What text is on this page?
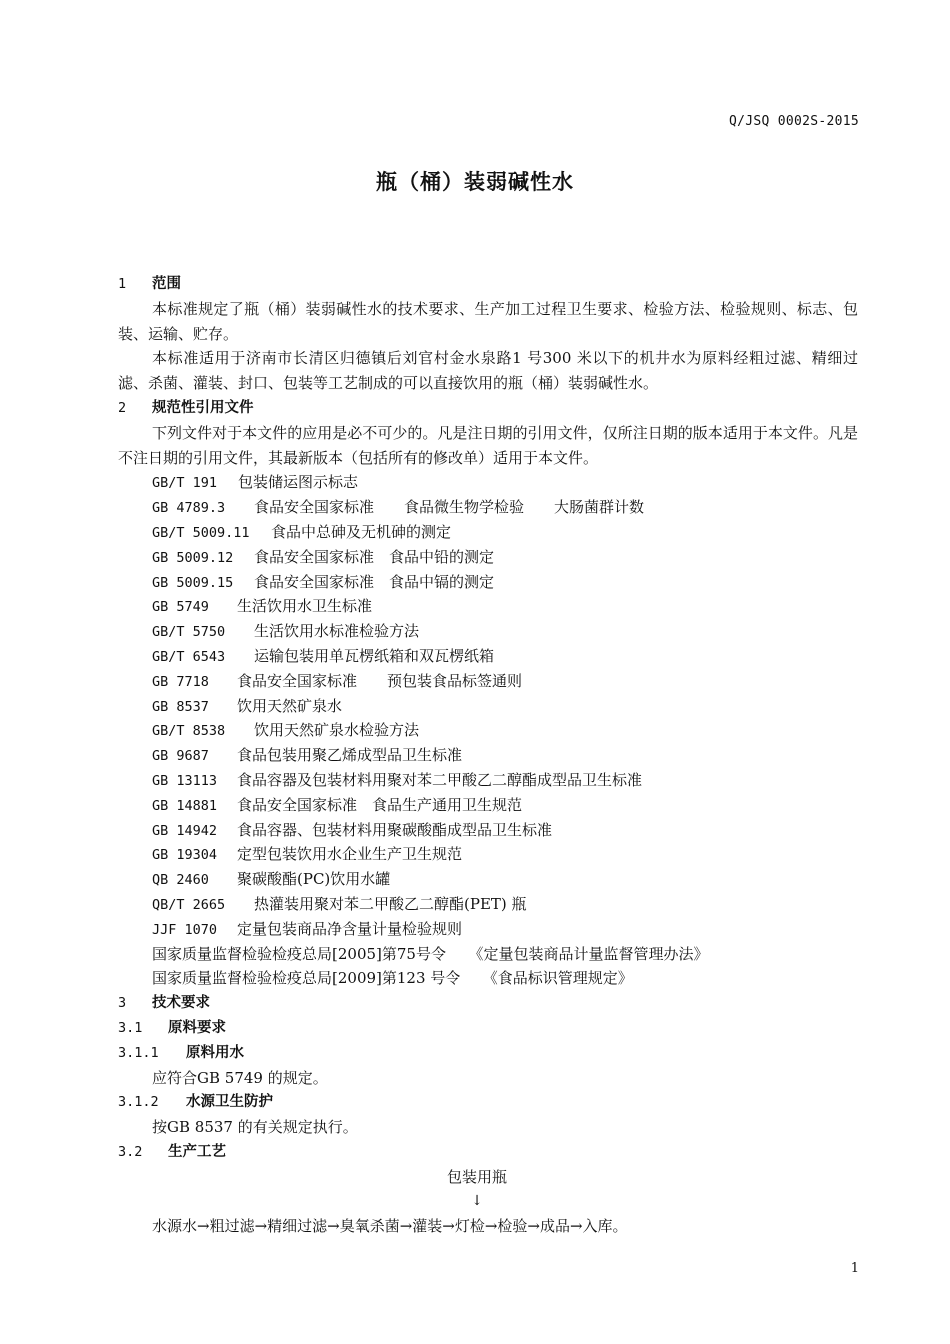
Q/JSQ 0002S-2015
瓶（桶）装弱碱性水
1 范围
本标准规定了瓶（桶）装弱碱性水的技术要求、生产加工过程卫生要求、检验方法、检验规则、标志、包装、运输、贮存。
本标准适用于济南市长清区归德镇后刘官村金水泉路1 号300 米以下的机井水为原料经粗过滤、精细过滤、杀菌、灌装、封口、包装等工艺制成的可以直接饮用的瓶（桶）装弱碱性水。
2 规范性引用文件
下列文件对于本文件的应用是必不可少的。凡是注日期的引用文件，仅所注日期的版本适用于本文件。凡是不注日期的引用文件，其最新版本（包括所有的修改单）适用于本文件。
GB/T 191 包装储运图示标志
GB 4789.3 食品安全国家标准　　食品微生物学检验　　大肠菌群计数
GB/T 5009.11 食品中总砷及无机砷的测定
GB 5009.12 食品安全国家标准　食品中铅的测定
GB 5009.15 食品安全国家标准　食品中镉的测定
GB 5749 生活饮用水卫生标准
GB/T 5750 生活饮用水标准检验方法
GB/T 6543 运输包装用单瓦楞纸箱和双瓦楞纸箱
GB 7718 食品安全国家标准　　预包装食品标签通则
GB 8537 饮用天然矿泉水
GB/T 8538 饮用天然矿泉水检验方法
GB 9687 食品包装用聚乙烯成型品卫生标准
GB 13113 食品容器及包装材料用聚对苯二甲酸乙二醇酯成型品卫生标准
GB 14881 食品安全国家标准　食品生产通用卫生规范
GB 14942 食品容器、包装材料用聚碳酸酯成型品卫生标准
GB 19304 定型包装饮用水企业生产卫生规范
QB 2460 聚碳酸酯(PC)饮用水罐
QB/T 2665 热灌装用聚对苯二甲酸乙二醇酯(PET) 瓶
JJF 1070 定量包装商品净含量计量检验规则
国家质量监督检验检疫总局[2005]第75号令　　《定量包装商品计量监督管理办法》
国家质量监督检验检疫总局[2009]第123 号令　　《食品标识管理规定》
3 技术要求
3.1 原料要求
3.1.1 原料用水
应符合GB 5749 的规定。
3.1.2 水源卫生防护
按GB 8537 的有关规定执行。
3.2 生产工艺
包装用瓶
↓
水源水→粗过滤→精细过滤→臭氧杀菌→灌装→灯检→检验→成品→入库。
1
